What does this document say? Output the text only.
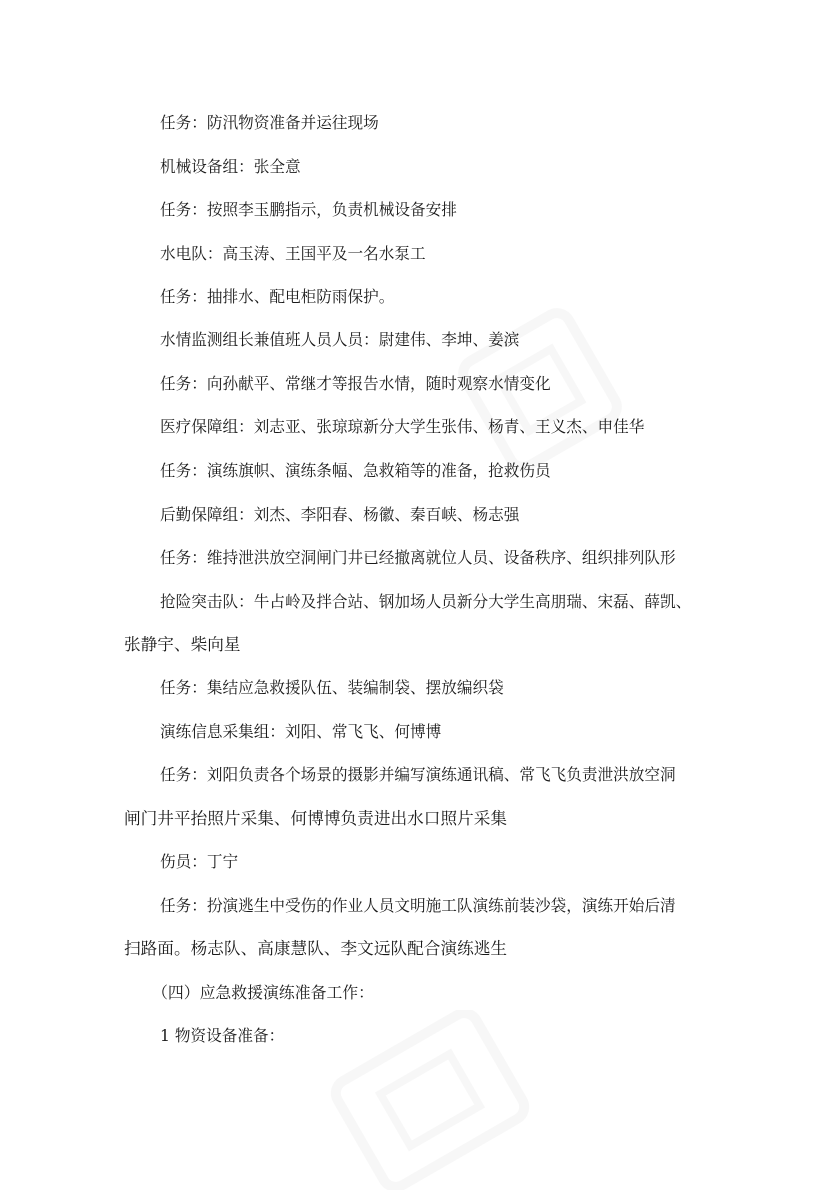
任务：防汛物资准备并运往现场
机械设备组：张全意
任务：按照李玉鹏指示，负责机械设备安排
水电队：高玉涛、王国平及一名水泵工
任务：抽排水、配电柜防雨保护。
水情监测组长兼值班人员人员：尉建伟、李坤、姜滨
任务：向孙献平、常继才等报告水情，随时观察水情变化
医疗保障组：刘志亚、张琼琼新分大学生张伟、杨青、王义杰、申佳华
任务：演练旗帜、演练条幅、急救箱等的准备，抢救伤员
后勤保障组：刘杰、李阳春、杨徽、秦百峡、杨志强
任务：维持泄洪放空洞闸门井已经撤离就位人员、设备秩序、组织排列队形
抢险突击队：牛占岭及拌合站、钢加场人员新分大学生高朋瑞、宋磊、薛凯、
张静宇、柴向星
任务：集结应急救援队伍、装编制袋、摆放编织袋
演练信息采集组：刘阳、常飞飞、何博博
任务：刘阳负责各个场景的摄影并编写演练通讯稿、常飞飞负责泄洪放空洞
闸门井平抬照片采集、何博博负责进出水口照片采集
伤员：丁宁
任务：扮演逃生中受伤的作业人员文明施工队演练前装沙袋，演练开始后清
扫路面。杨志队、高康慧队、李文远队配合演练逃生
（四）应急救援演练准备工作：
1 物资设备准备：
